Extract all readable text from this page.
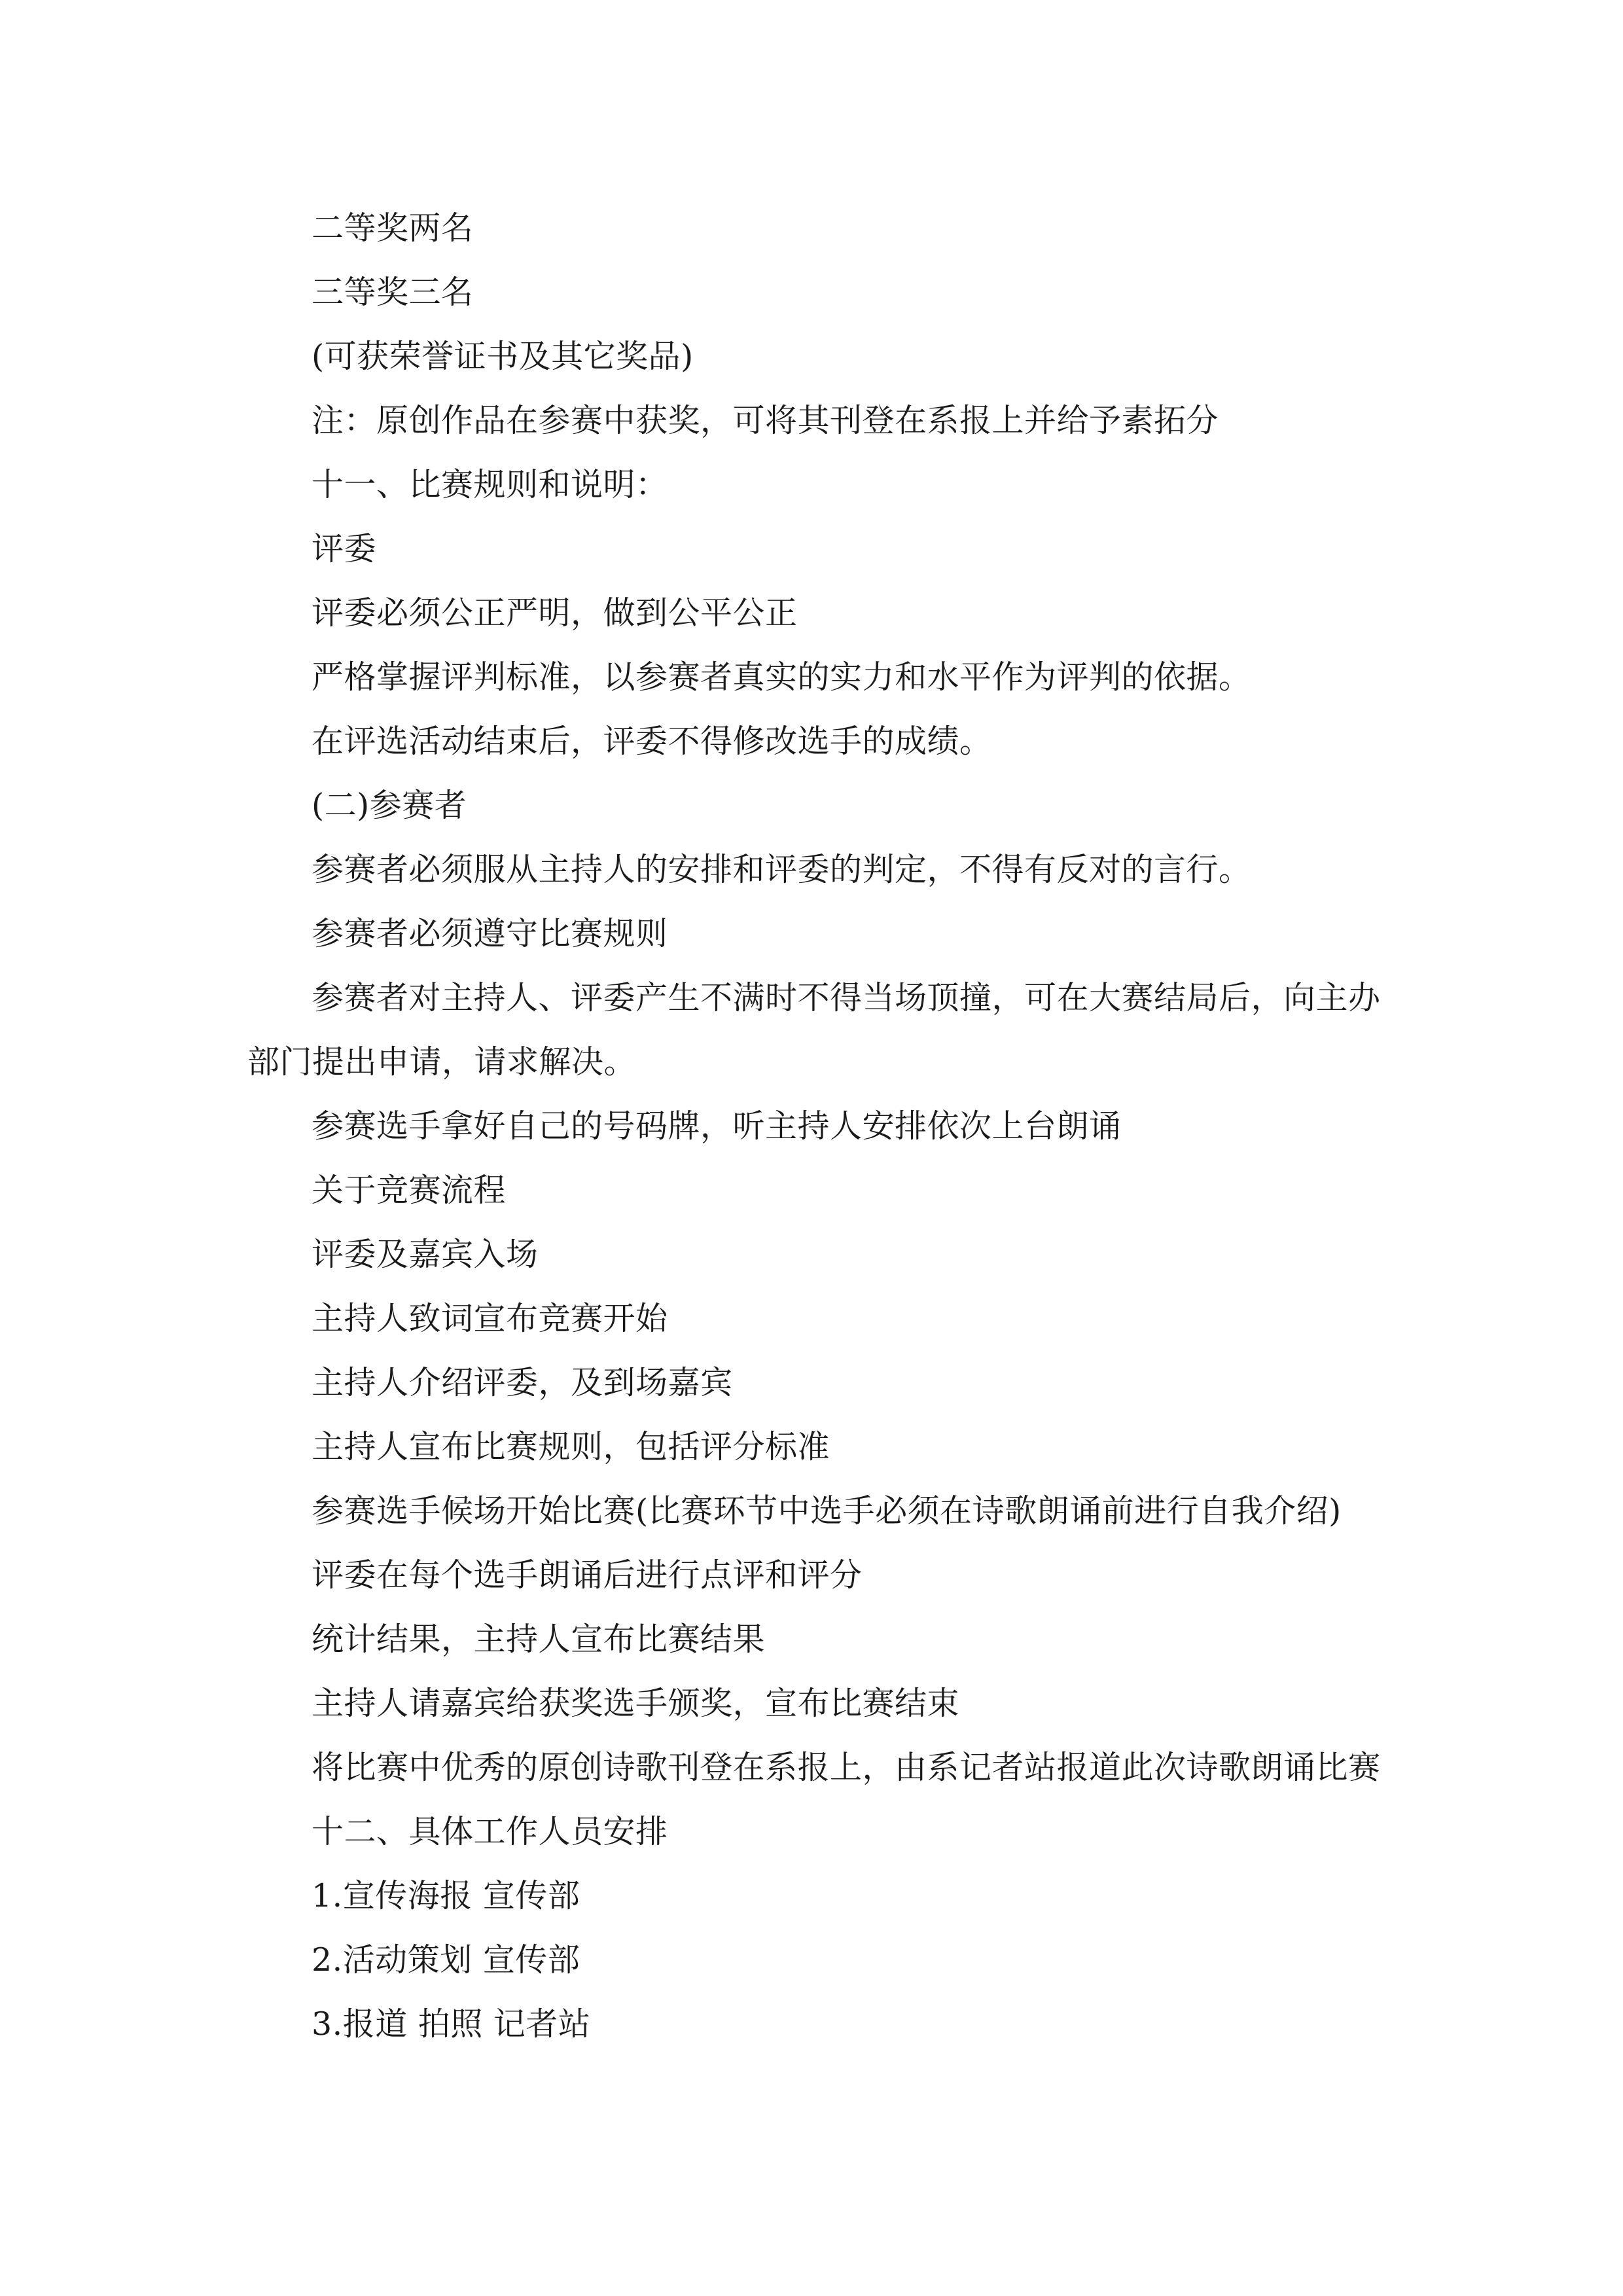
二等奖两名

三等奖三名

(可获荣誉证书及其它奖品)

注：原创作品在参赛中获奖，可将其刊登在系报上并给予素拓分

十一、比赛规则和说明：

评委

评委必须公正严明，做到公平公正

严格掌握评判标准，以参赛者真实的实力和水平作为评判的依据。

在评选活动结束后，评委不得修改选手的成绩。

(二)参赛者

参赛者必须服从主持人的安排和评委的判定，不得有反对的言行。

参赛者必须遵守比赛规则

参赛者对主持人、评委产生不满时不得当场顶撞，可在大赛结局后，向主办部门提出申请，请求解决。

参赛选手拿好自己的号码牌，听主持人安排依次上台朗诵

关于竞赛流程

评委及嘉宾入场

主持人致词宣布竞赛开始

主持人介绍评委，及到场嘉宾

主持人宣布比赛规则，包括评分标准

参赛选手候场开始比赛(比赛环节中选手必须在诗歌朗诵前进行自我介绍)

评委在每个选手朗诵后进行点评和评分

统计结果，主持人宣布比赛结果

主持人请嘉宾给获奖选手颁奖，宣布比赛结束

将比赛中优秀的原创诗歌刊登在系报上，由系记者站报道此次诗歌朗诵比赛

十二、具体工作人员安排

1.宣传海报 宣传部

2.活动策划 宣传部

3.报道 拍照 记者站
